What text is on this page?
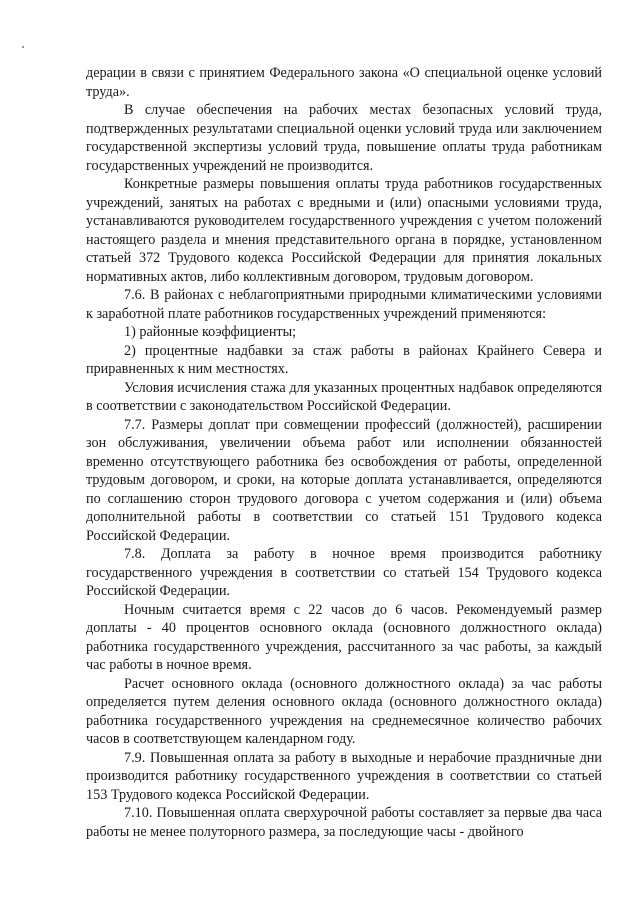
дерации в связи с принятием Федерального закона «О специальной оценке условий труда».

В случае обеспечения на рабочих местах безопасных условий труда, подтвержденных результатами специальной оценки условий труда или заключением государственной экспертизы условий труда, повышение оплаты труда работникам государственных учреждений не производится.

Конкретные размеры повышения оплаты труда работников государственных учреждений, занятых на работах с вредными и (или) опасными условиями труда, устанавливаются руководителем государственного учреждения с учетом положений настоящего раздела и мнения представительного органа в порядке, установленном статьей 372 Трудового кодекса Российской Федерации для принятия локальных нормативных актов, либо коллективным договором, трудовым договором.

7.6. В районах с неблагоприятными природными климатическими условиями к заработной плате работников государственных учреждений применяются:

1) районные коэффициенты;

2) процентные надбавки за стаж работы в районах Крайнего Севера и приравненных к ним местностях.

Условия исчисления стажа для указанных процентных надбавок определяются в соответствии с законодательством Российской Федерации.

7.7. Размеры доплат при совмещении профессий (должностей), расширении зон обслуживания, увеличении объема работ или исполнении обязанностей временно отсутствующего работника без освобождения от работы, определенной трудовым договором, и сроки, на которые доплата устанавливается, определяются по соглашению сторон трудового договора с учетом содержания и (или) объема дополнительной работы в соответствии со статьей 151 Трудового кодекса Российской Федерации.

7.8. Доплата за работу в ночное время производится работнику государственного учреждения в соответствии со статьей 154 Трудового кодекса Российской Федерации.

Ночным считается время с 22 часов до 6 часов. Рекомендуемый размер доплаты - 40 процентов основного оклада (основного должностного оклада) работника государственного учреждения, рассчитанного за час работы, за каждый час работы в ночное время.

Расчет основного оклада (основного должностного оклада) за час работы определяется путем деления основного оклада (основного должностного оклада) работника государственного учреждения на среднемесячное количество рабочих часов в соответствующем календарном году.

7.9. Повышенная оплата за работу в выходные и нерабочие праздничные дни производится работнику государственного учреждения в соответствии со статьей 153 Трудового кодекса Российской Федерации.

7.10. Повышенная оплата сверхурочной работы составляет за первые два часа работы не менее полуторного размера, за последующие часы - двойного
